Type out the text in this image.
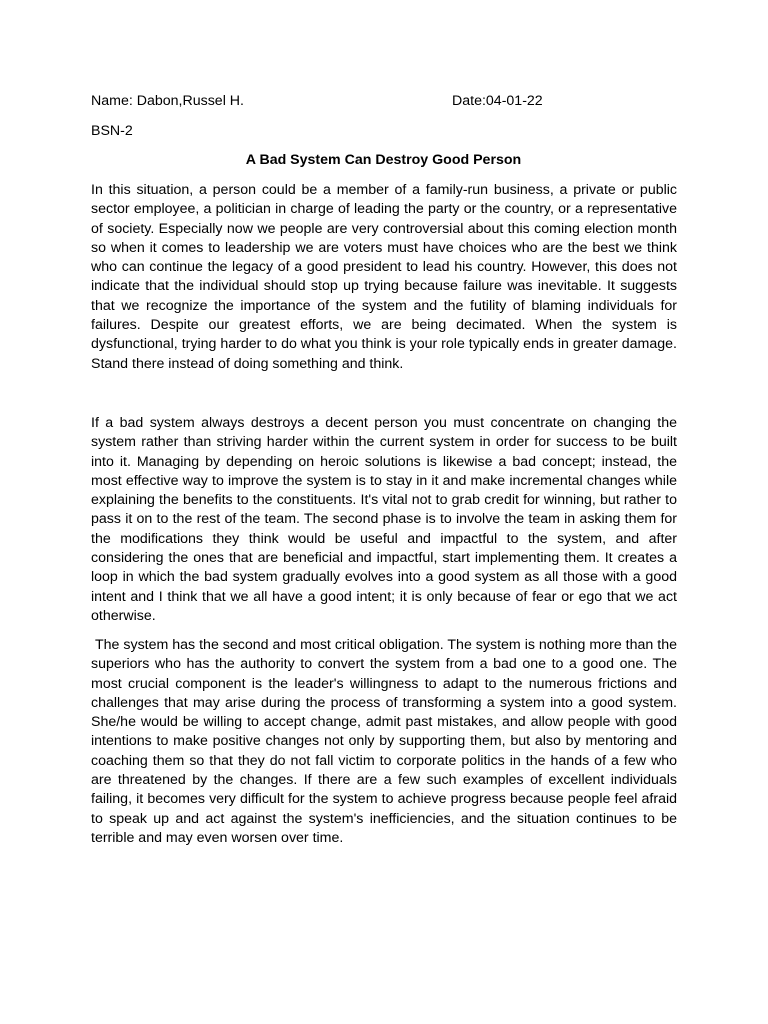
Name: Dabon,Russel H.	Date:04-01-22
BSN-2
A Bad System Can Destroy Good Person

In this situation, a person could be a member of a family-run business, a private or public sector employee, a politician in charge of leading the party or the country, or a representative of society. Especially now we people are very controversial about this coming election month so when it comes to leadership we are voters must have choices who are the best we think who can continue the legacy of a good president to lead his country. However, this does not indicate that the individual should stop up trying because failure was inevitable. It suggests that we recognize the importance of the system and the futility of blaming individuals for failures. Despite our greatest efforts, we are being decimated. When the system is dysfunctional, trying harder to do what you think is your role typically ends in greater damage. Stand there instead of doing something and think.

If a bad system always destroys a decent person you must concentrate on changing the system rather than striving harder within the current system in order for success to be built into it. Managing by depending on heroic solutions is likewise a bad concept; instead, the most effective way to improve the system is to stay in it and make incremental changes while explaining the benefits to the constituents. It's vital not to grab credit for winning, but rather to pass it on to the rest of the team. The second phase is to involve the team in asking them for the modifications they think would be useful and impactful to the system, and after considering the ones that are beneficial and impactful, start implementing them. It creates a loop in which the bad system gradually evolves into a good system as all those with a good intent and I think that we all have a good intent; it is only because of fear or ego that we act otherwise.

The system has the second and most critical obligation. The system is nothing more than the superiors who has the authority to convert the system from a bad one to a good one. The most crucial component is the leader's willingness to adapt to the numerous frictions and challenges that may arise during the process of transforming a system into a good system. She/he would be willing to accept change, admit past mistakes, and allow people with good intentions to make positive changes not only by supporting them, but also by mentoring and coaching them so that they do not fall victim to corporate politics in the hands of a few who are threatened by the changes. If there are a few such examples of excellent individuals failing, it becomes very difficult for the system to achieve progress because people feel afraid to speak up and act against the system's inefficiencies, and the situation continues to be terrible and may even worsen over time.
